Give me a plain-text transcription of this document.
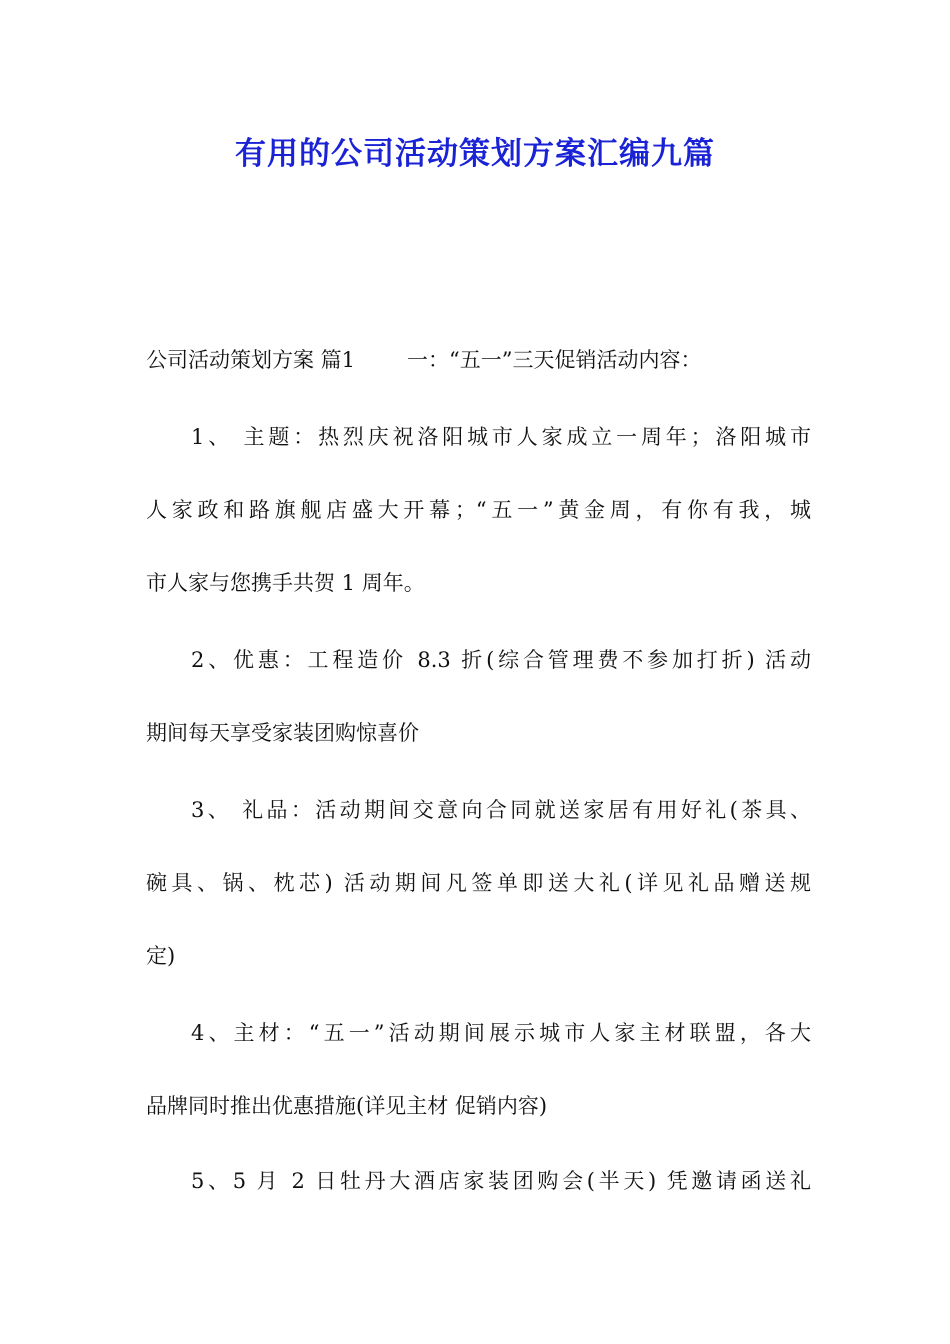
有用的公司活动策划方案汇编九篇
公司活动策划方案 篇1 一：“五一”三天促销活动内容：
1、 主题：热烈庆祝洛阳城市人家成立一周年；洛阳城市
人家政和路旗舰店盛大开幕；“五一”黄金周，有你有我，城
市人家与您携手共贺 1 周年。
2、优惠：工程造价 8.3 折(综合管理费不参加打折) 活动
期间每天享受家装团购惊喜价
3、 礼品：活动期间交意向合同就送家居有用好礼(茶具、
碗具、锅、枕芯) 活动期间凡签单即送大礼(详见礼品赠送规
定)
4、主材：“五一”活动期间展示城市人家主材联盟，各大
品牌同时推出优惠措施(详见主材 促销内容)
5、5 月 2 日牡丹大酒店家装团购会(半天) 凭邀请函送礼
